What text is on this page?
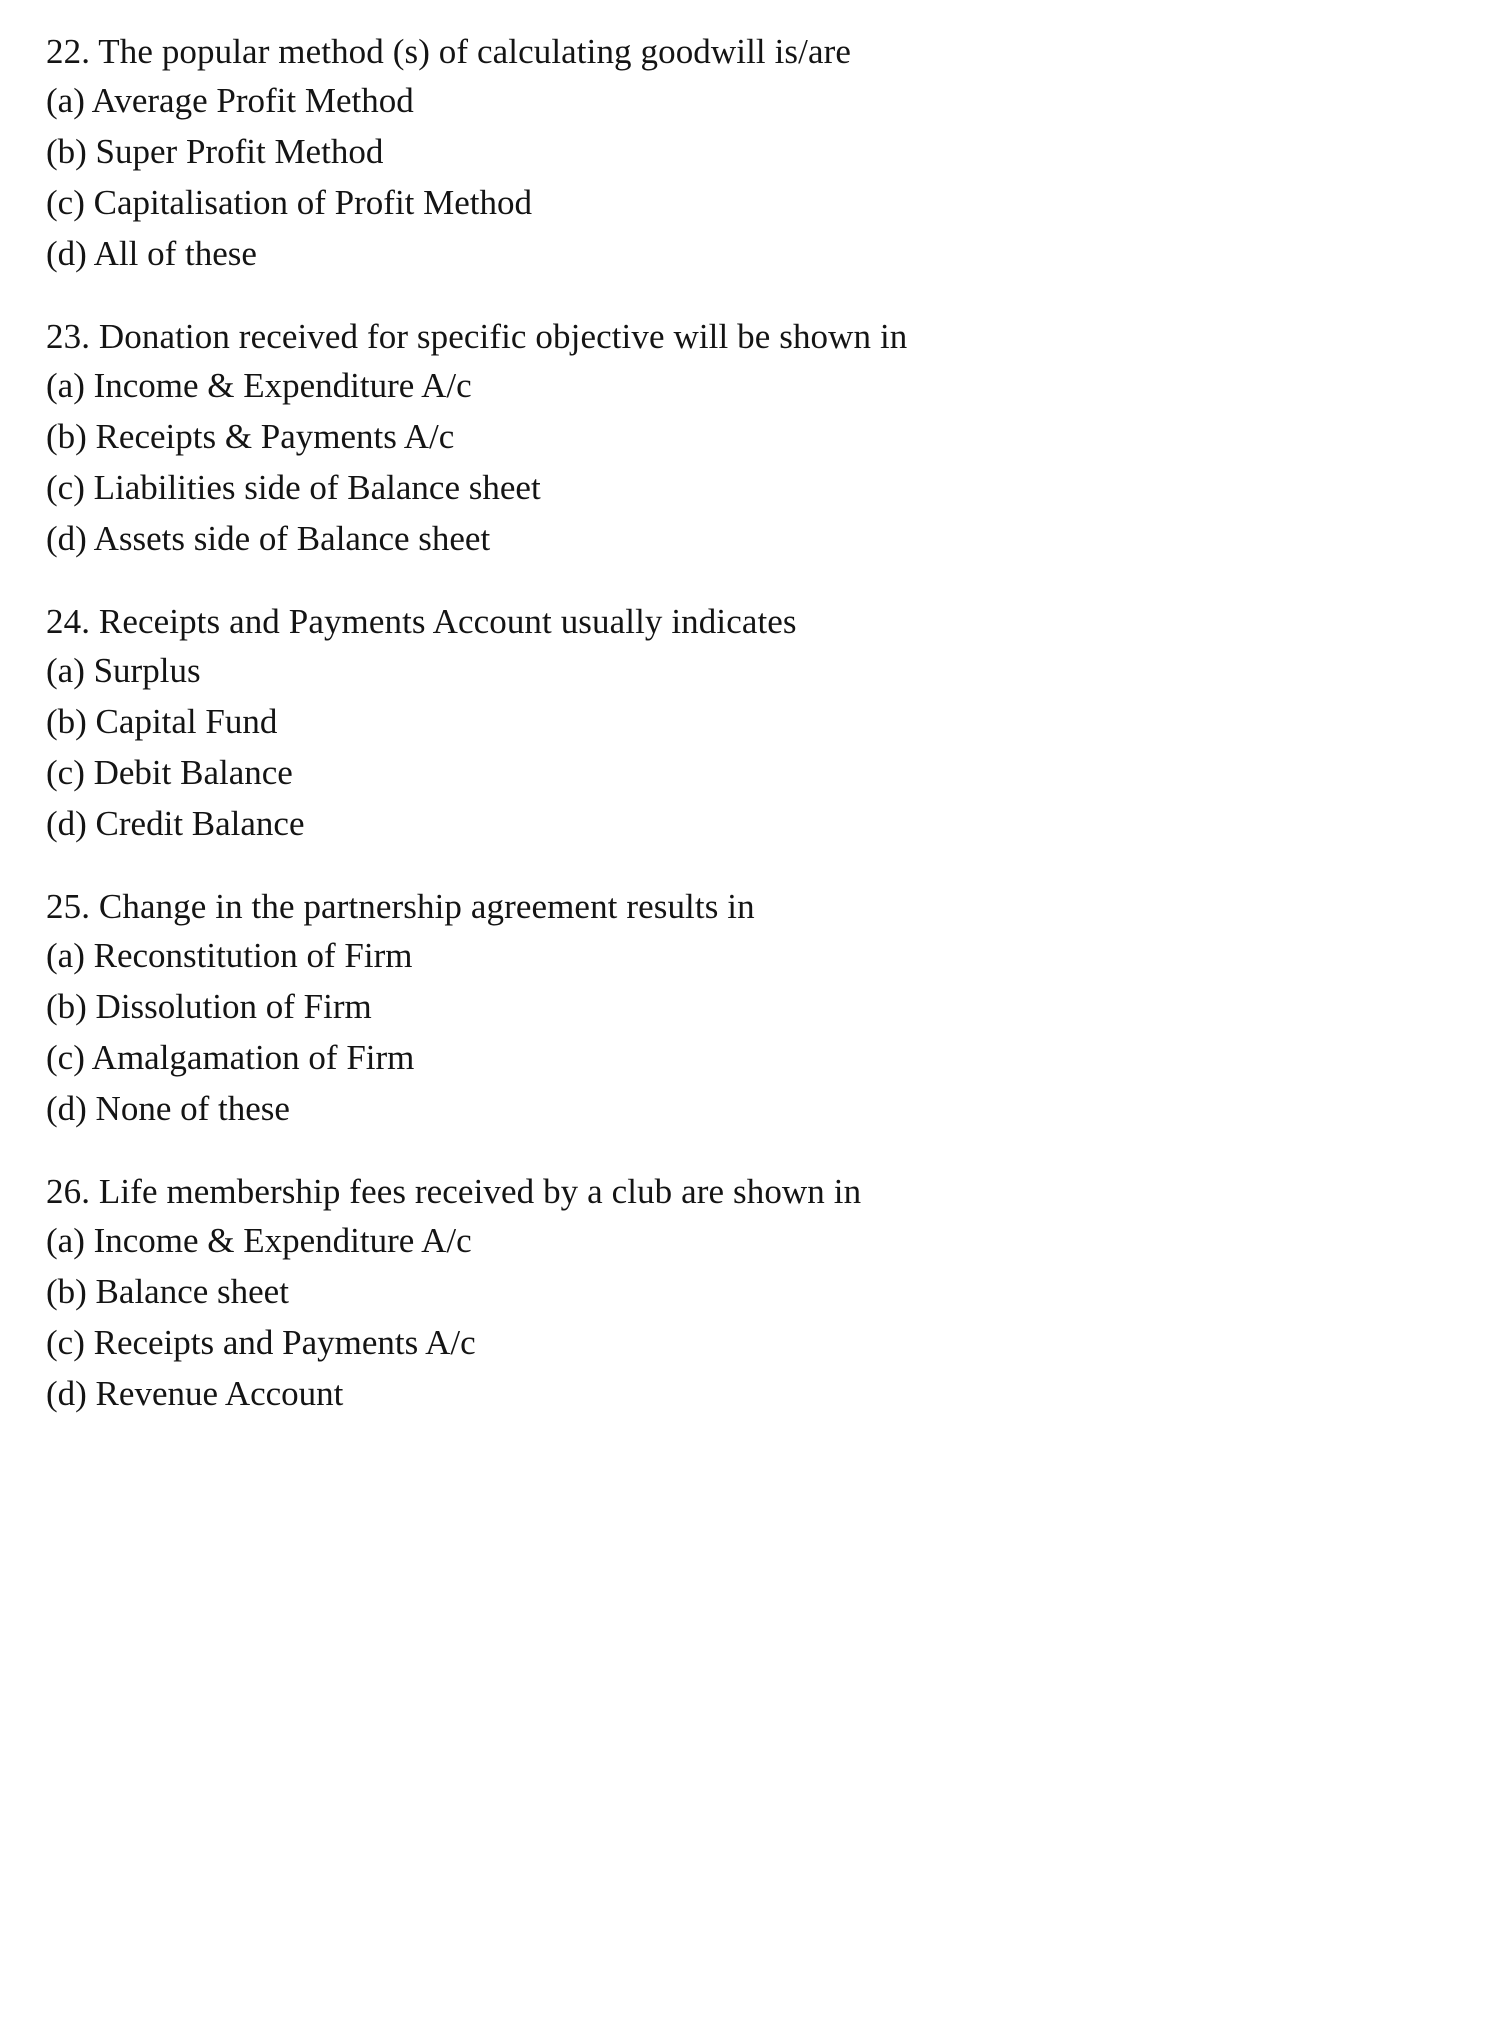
22. The popular method (s) of calculating goodwill is/are

(a) Average Profit Method
(b) Super Profit Method
(c) Capitalisation of Profit Method
(d) All of these

23. Donation received for specific objective will be shown in

(a) Income & Expenditure A/c
(b) Receipts & Payments A/c
(c) Liabilities side of Balance sheet
(d) Assets side of Balance sheet

24. Receipts and Payments Account usually indicates

(a) Surplus
(b) Capital Fund
(c) Debit Balance
(d) Credit Balance

25. Change in the partnership agreement results in

(a) Reconstitution of Firm
(b) Dissolution of Firm
(c) Amalgamation of Firm
(d) None of these

26. Life membership fees received by a club are shown in

(a) Income & Expenditure A/c
(b) Balance sheet
(c) Receipts and Payments A/c
(d) Revenue Account
